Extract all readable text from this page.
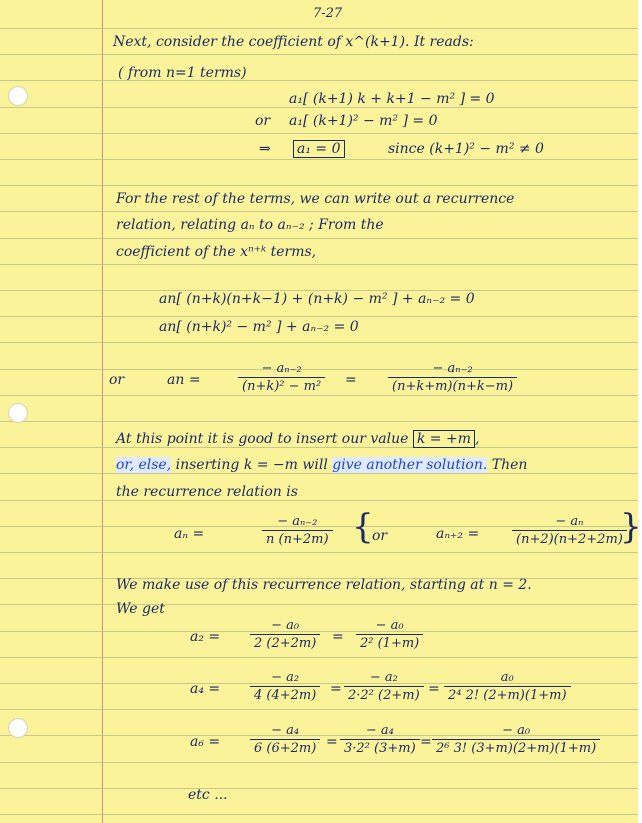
7-27
Next, consider the coefficient of x^(k+1). It reads:
( from n=1 terms)
a₁[ (k+1) k + k+1 − m² ] = 0
or a₁[ (k+1)² − m² ] = 0
⇒ a₁ = 0	since (k+1)² − m² ≠ 0
For the rest of the terms, we can write out a recurrence
relation, relating aₙ to aₙ₋₂ ; From the
coefficient of the xⁿ⁺ᵏ terms,
an[ (n+k)(n+k−1) + (n+k) − m² ] + aₙ₋₂ = 0
an[ (n+k)² − m² ] + aₙ₋₂ = 0
or	an =	$\frac{\text{− aₙ₋₂}}{\text{(n+k)² − m²}} = \frac{\text{− aₙ₋₂}}{(n+k+m)(n+k-m)}$
At this point it is good to insert our value k = +m ,
or, else, inserting k = −m will give another solution. Then
the recurrence relation is
aₙ =	$\frac{\text{− aₙ₋₂}}{n (n+2m)}$ {
or	aₙ₊₂ =	$\frac{\text{− aₙ}}{(n+2)(n+2+2m)}$
}
We make use of this recurrence relation, starting at n = 2.
We get
$a_2 = \frac{\text{− a₀}}{2 (2+2m)} = \frac{\text{− a₀}}{\text{2² (1+m)}}$
$a_4 = \frac{\text{− a₂}}{4 (4+2m)} = \frac{\text{− a₂}}{\text{2·2² (2+m)}} = \frac{\text{a₀}}{\text{2⁴ 2! (2+m)(1+m)}}$
$a_6 = \frac{\text{− a₄}}{6 (6+2m)} = \frac{\text{− a₄}}{\text{3·2² (3+m)}} = \frac{\text{− a₀}}{\text{2⁶ 3! (3+m)(2+m)(1+m)}}$
etc ...
